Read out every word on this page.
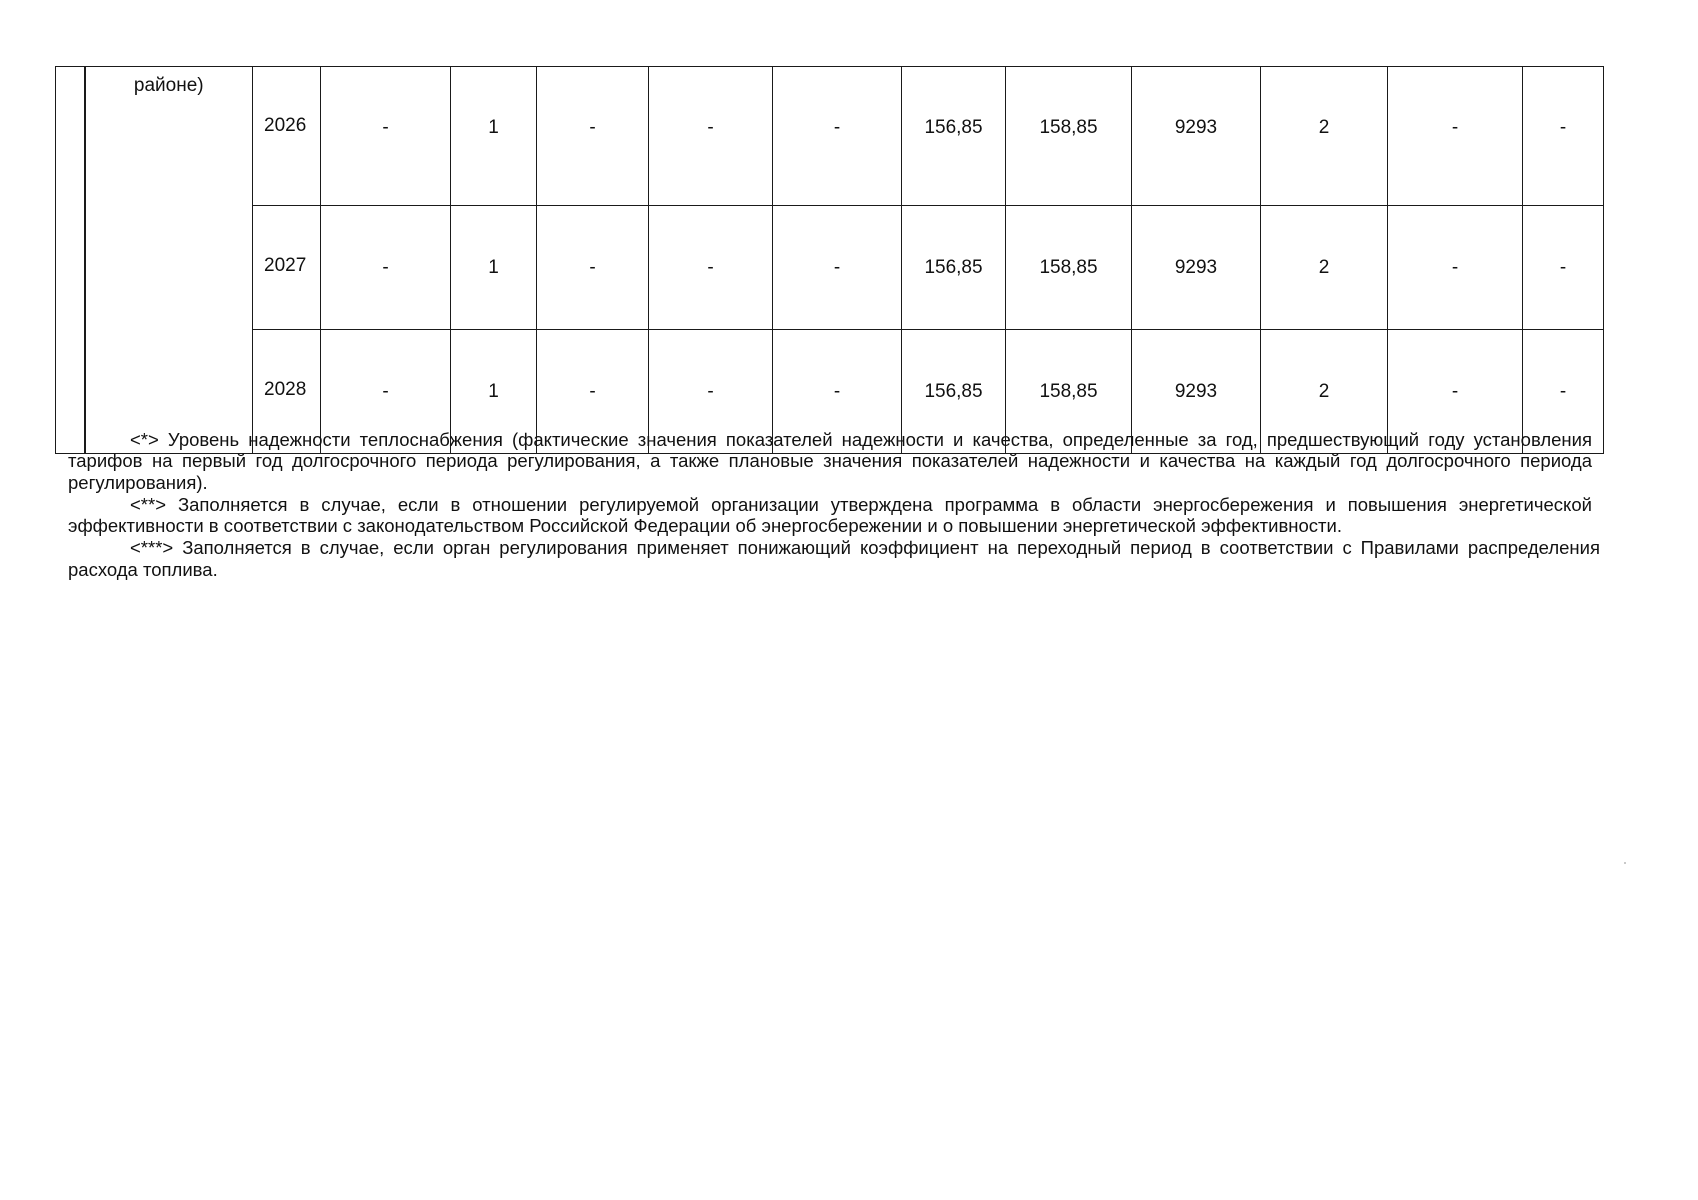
	районе)	2026	-	1	-	-	-	156,85	158,85	9293	2	-	-
		2027	-	1	-	-	-	156,85	158,85	9293	2	-	-
		2028	-	1	-	-	-	156,85	158,85	9293	2	-	-

<*> Уровень надежности теплоснабжения (фактические значения показателей надежности и качества, определенные за год, предшествующий году установления тарифов на первый год долгосрочного периода регулирования, а также плановые значения показателей надежности и качества на каждый год долгосрочного периода регулирования).

<**> Заполняется в случае, если в отношении регулируемой организации утверждена программа в области энергосбережения и повышения энергетической эффективности в соответствии с законодательством Российской Федерации об энергосбережении и о повышении энергетической эффективности.

<***> Заполняется в случае, если орган регулирования применяет понижающий коэффициент на переходный период в соответствии с Правилами распределения расхода топлива.
